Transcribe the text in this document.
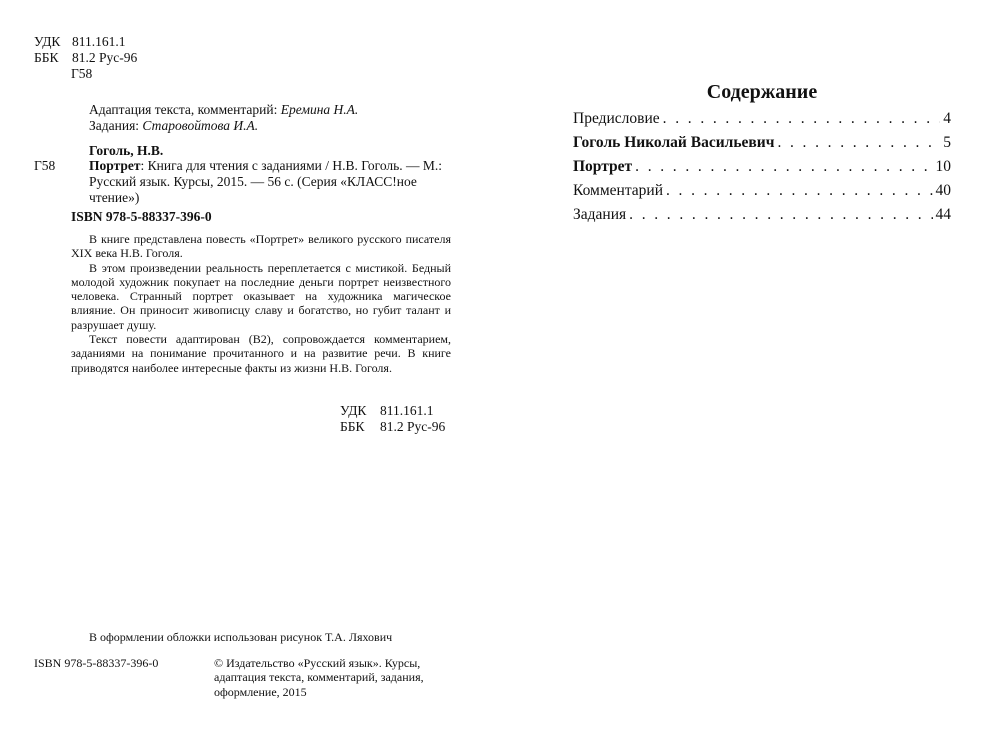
УДК 811.161.1
ББК 81.2 Рус-96
Г58
Адаптация текста, комментарий: Еремина Н.А.
Задания: Старовойтова И.А.
Гоголь, Н.В.
Г58 Портрет: Книга для чтения с заданиями / Н.В. Гоголь. — М.: Русский язык. Курсы, 2015. — 56 с. (Серия «КЛАСС!ное чтение»)
ISBN 978-5-88337-396-0

В книге представлена повесть «Портрет» великого русского писателя XIX века Н.В. Гоголя.

В этом произведении реальность переплетается с мистикой. Бедный молодой художник покупает на последние деньги портрет неизвестного человека. Странный портрет оказывает на художника магическое влияние. Он приносит живописцу славу и богатство, но губит талант и разрушает душу.

Текст повести адаптирован (В2), сопровождается комментарием, заданиями на понимание прочитанного и на развитие речи. В книге приводятся наиболее интересные факты из жизни Н.В. Гоголя.

УДК	811.161.1
ББК	81.2 Рус-96
В оформлении обложки использован рисунок Т.А. Ляхович
ISBN 978-5-88337-396-0	© Издательство «Русский язык». Курсы, адаптация текста, комментарий, задания, оформление, 2015
Содержание
Предисловие . . .	4
Гоголь Николай Васильевич . . .	5
Портрет . . .	10
Комментарий . . .	40
Задания . . .	44
